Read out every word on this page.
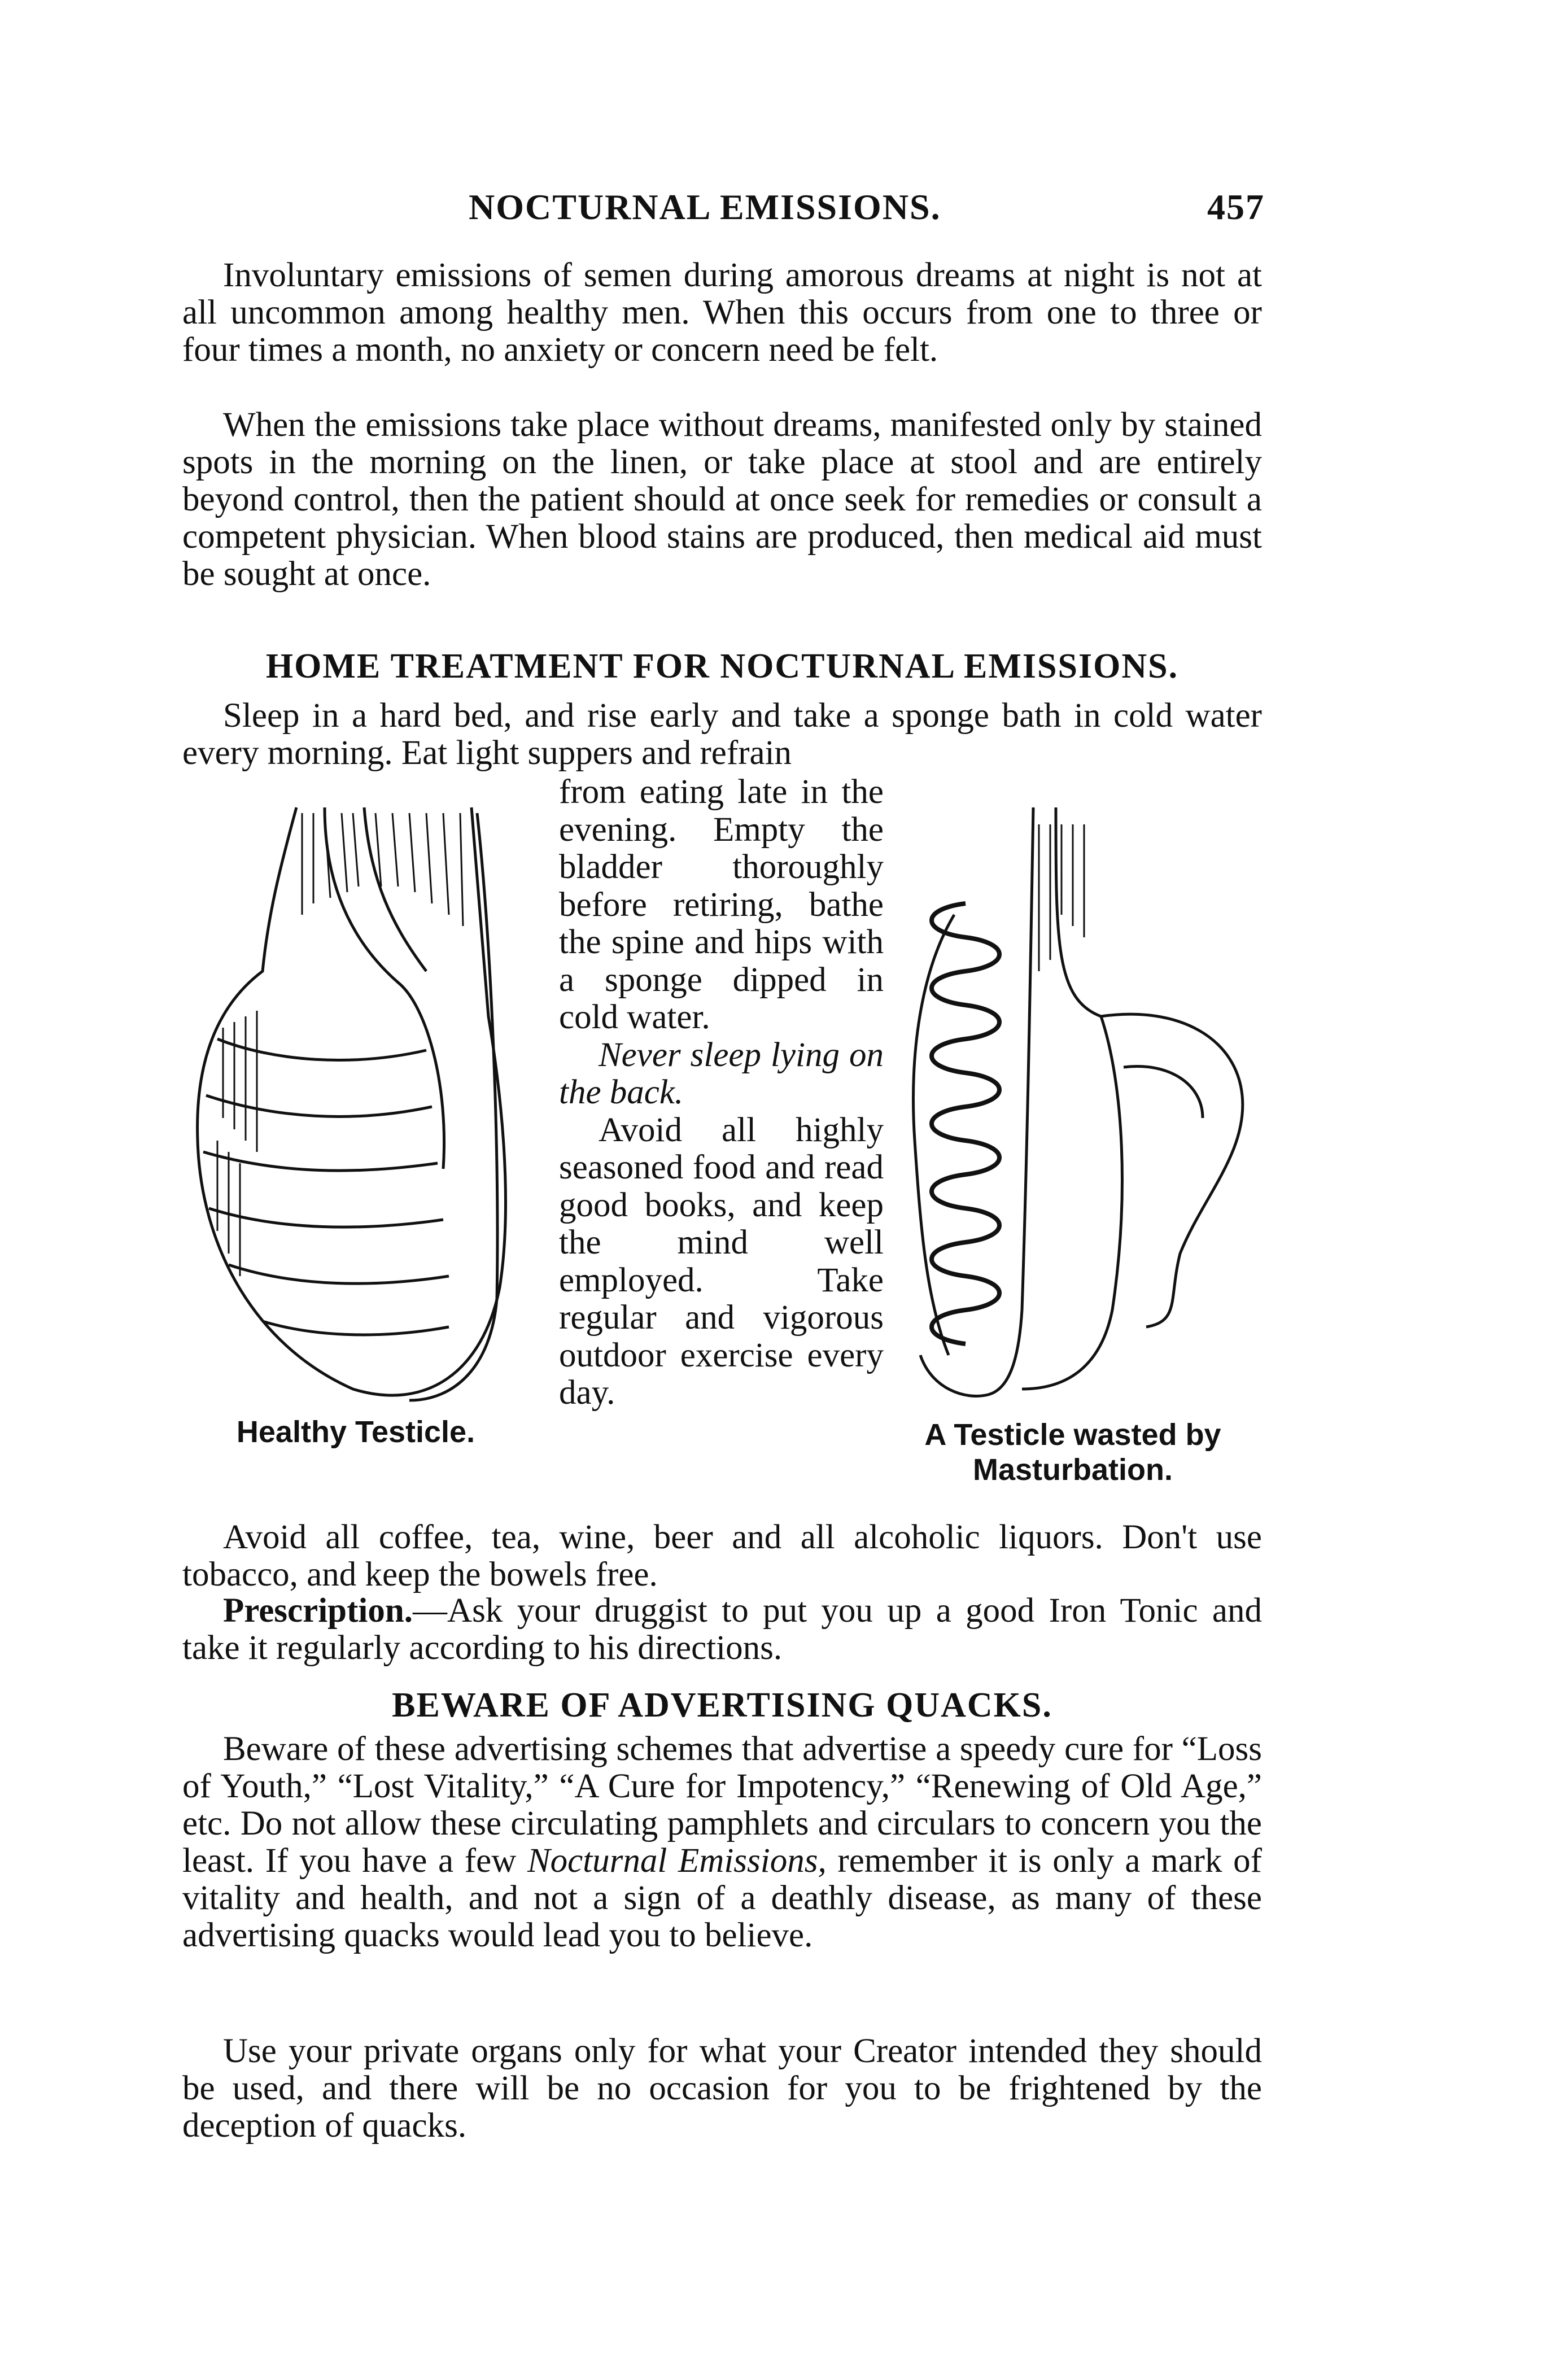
NOCTURNAL EMISSIONS.	457

Involuntary emissions of semen during amorous dreams at night is not at all uncommon among healthy men. When this occurs from one to three or four times a month, no anxiety or concern need be felt.

When the emissions take place without dreams, manifested only by stained spots in the morning on the linen, or take place at stool and are entirely beyond control, then the patient should at once seek for remedies or consult a competent physician. When blood stains are produced, then medical aid must be sought at once.

HOME TREATMENT FOR NOCTURNAL EMISSIONS.

Sleep in a hard bed, and rise early and take a sponge bath in cold water every morning. Eat light suppers and refrain

Healthy Testicle.

from eating late in the evening. Empty the bladder thoroughly before retiring, bathe the spine and hips with a sponge dipped in cold water.

Never sleep lying on the back.

Avoid all highly seasoned food and read good books, and keep the mind well employed. Take regular and vigorous outdoor exercise every day.

A Testicle wasted by
Masturbation.

Avoid all coffee, tea, wine, beer and all alcoholic liquors. Don't use tobacco, and keep the bowels free.

Prescription.—Ask your druggist to put you up a good Iron Tonic and take it regularly according to his directions.

BEWARE OF ADVERTISING QUACKS.

Beware of these advertising schemes that advertise a speedy cure for “Loss of Youth,” “Lost Vitality,” “A Cure for Impotency,” “Renewing of Old Age,” etc. Do not allow these circulating pamphlets and circulars to concern you the least. If you have a few Nocturnal Emissions, remember it is only a mark of vitality and health, and not a sign of a deathly disease, as many of these advertising quacks would lead you to believe.

Use your private organs only for what your Creator intended they should be used, and there will be no occasion for you to be frightened by the deception of quacks.
